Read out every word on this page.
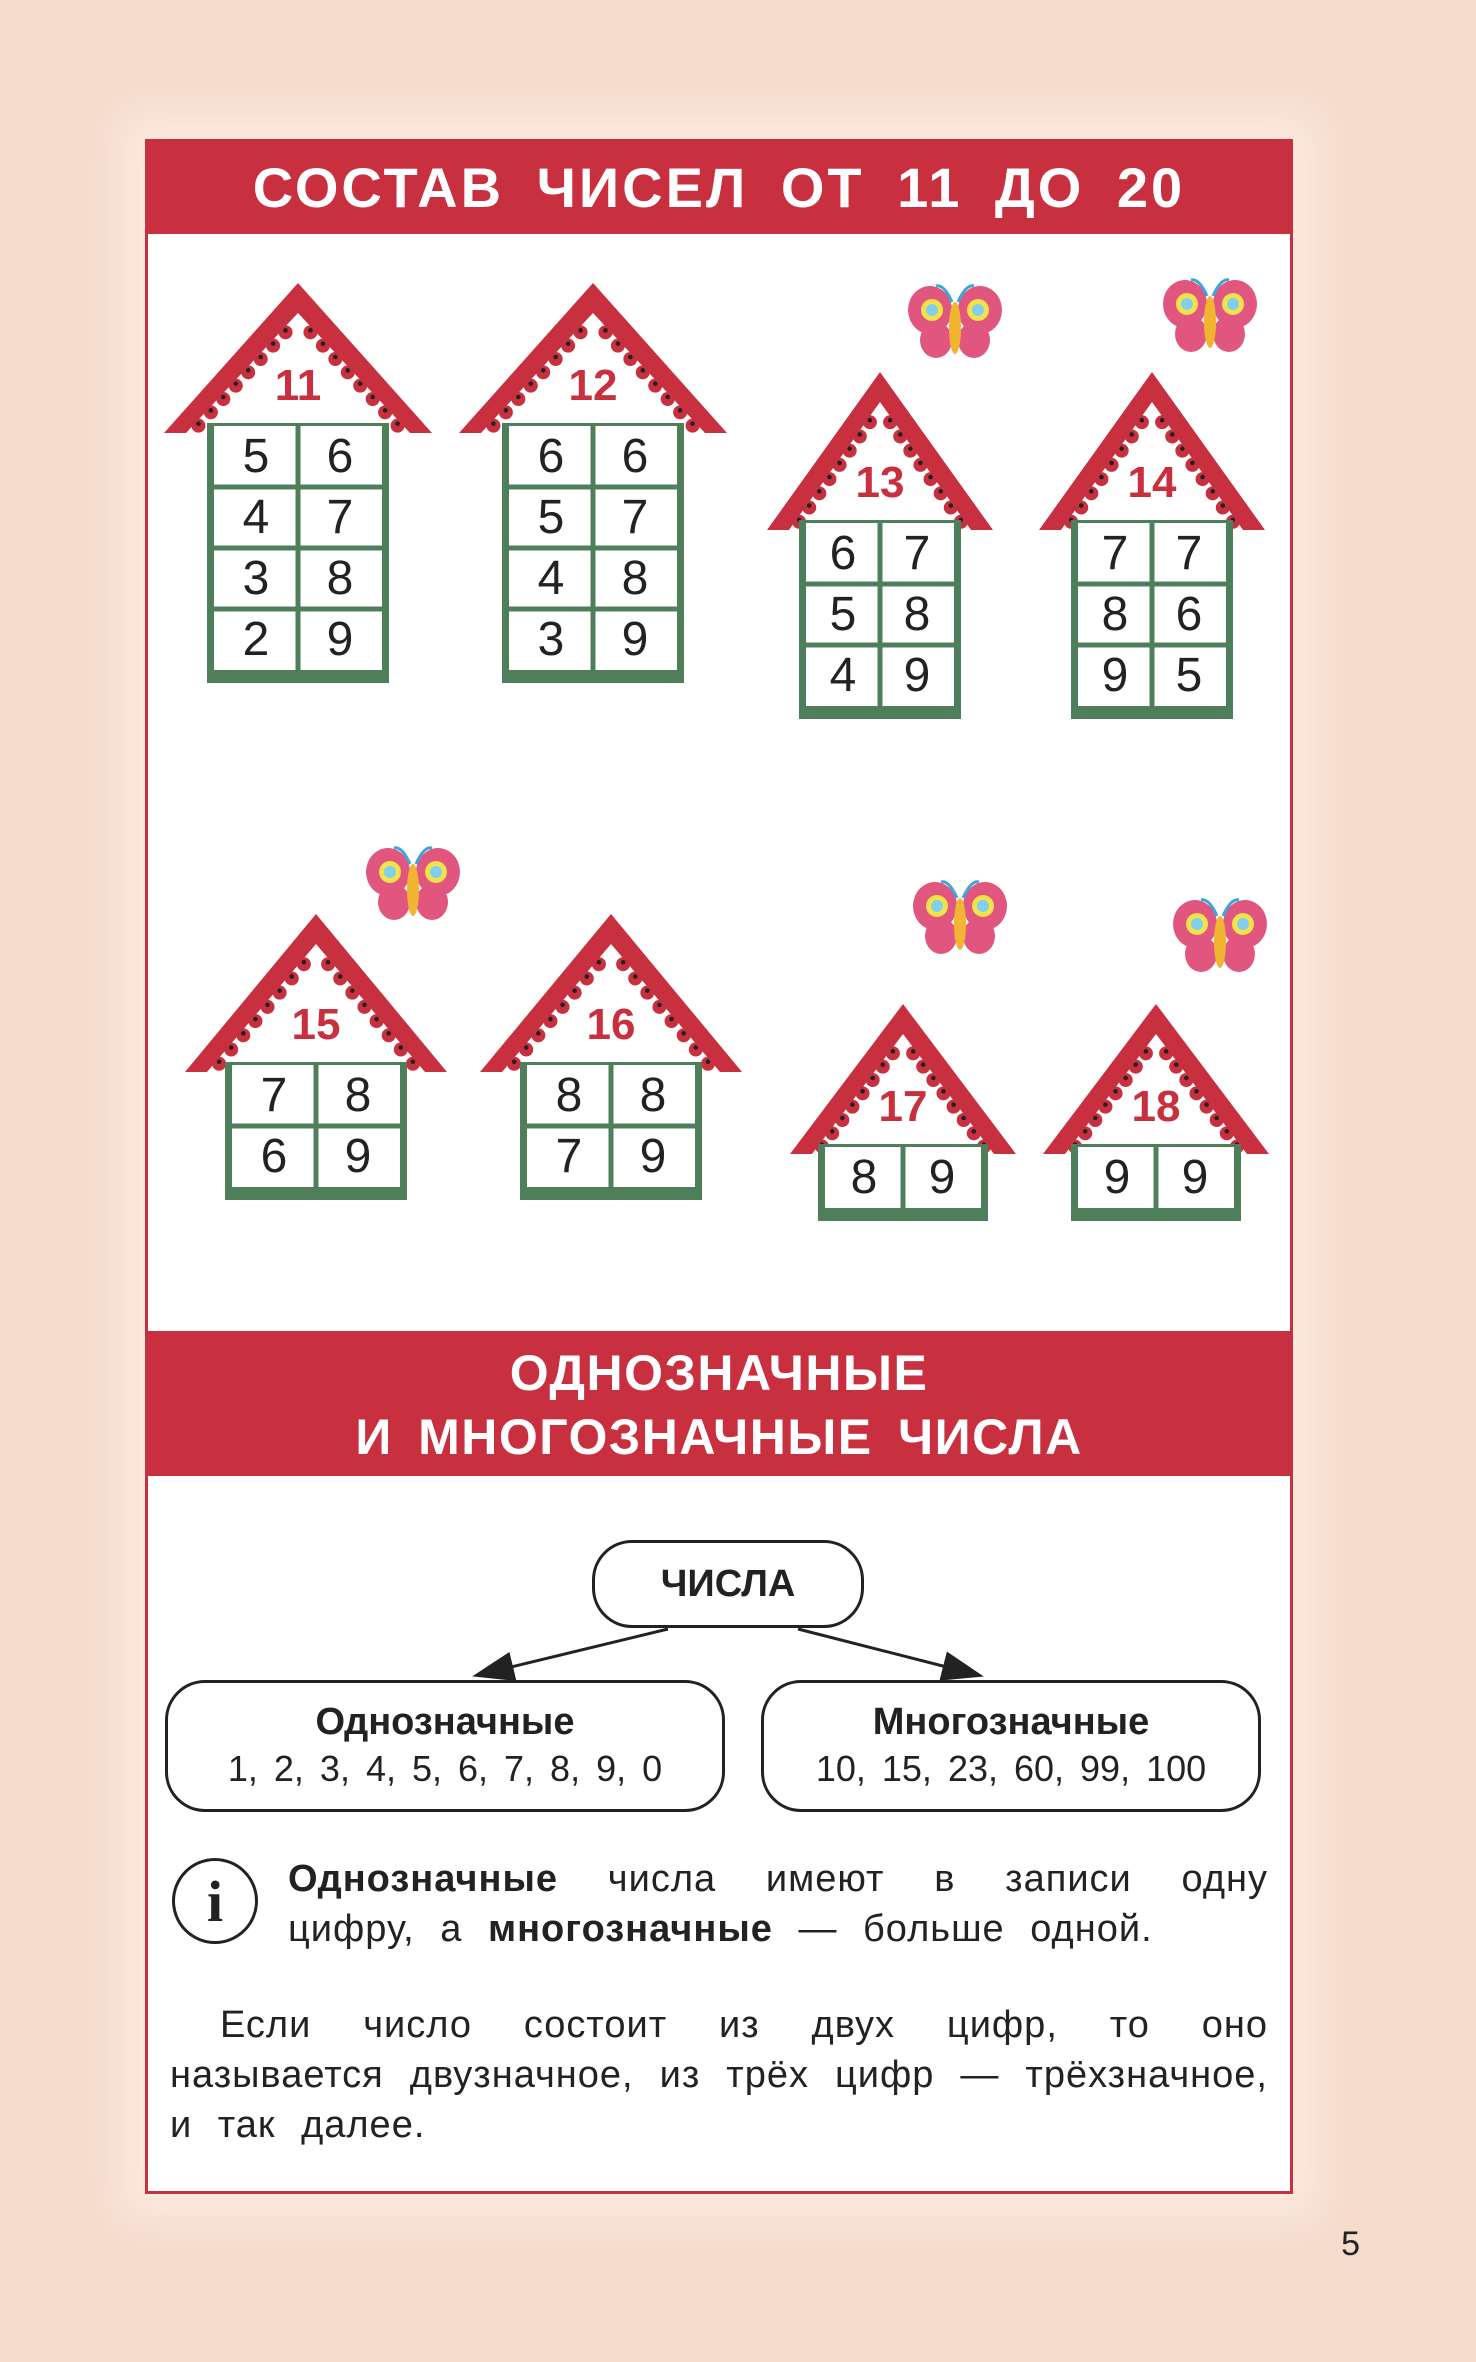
СОСТАВ ЧИСЕЛ ОТ 11 ДО 20
11
5	6
4	7
3	8
2	9
12
6	6
5	7
4	8
3	9
13
6 7
5 8
4 9
14
7 7
8 6
9 5
15
7	8
6	9
16
8	8
7	9
17
8	9
18
9	9
ОДНОЗНАЧНЫЕ
И МНОГОЗНАЧНЫЕ ЧИСЛА
ЧИСЛА
Однозначные
1, 2, 3, 4, 5, 6, 7, 8, 9, 0
Многозначные
10, 15, 23, 60, 99, 100
i	Однозначные числа имеют в записи одну цифру, а многозначные — больше одной.
Если число состоит из двух цифр, то оно называется двузначное, из трёх цифр — трёхзначное, и так далее.
5
